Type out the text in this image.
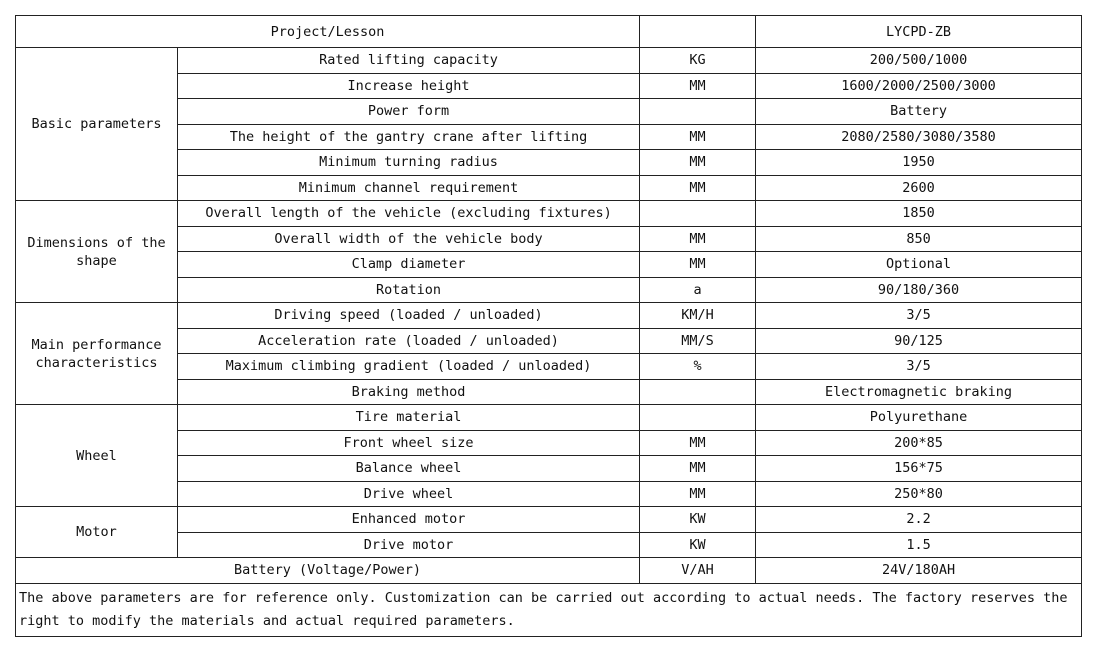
Project/Lesson			LYCPD-ZB
Basic parameters	Rated lifting capacity	KG	200/500/1000
	Increase height	MM	1600/2000/2500/3000
	Power form		Battery
	The height of the gantry crane after lifting	MM	2080/2580/3080/3580
	Minimum turning radius	MM	1950
	Minimum channel requirement	MM	2600
Dimensions of the shape	Overall length of the vehicle (excluding fixtures)		1850
	Overall width of the vehicle body	MM	850
	Clamp diameter	MM	Optional
	Rotation	a	90/180/360
Main performance characteristics	Driving speed (loaded / unloaded)	KM/H	3/5
	Acceleration rate (loaded / unloaded)	MM/S	90/125
	Maximum climbing gradient (loaded / unloaded)	%	3/5
	Braking method		Electromagnetic braking
Wheel	Tire material		Polyurethane
	Front wheel size	MM	200*85
	Balance wheel	MM	156*75
	Drive wheel	MM	250*80
Motor	Enhanced motor	KW	2.2
	Drive motor	KW	1.5
Battery (Voltage/Power)		V/AH	24V/180AH
The above parameters are for reference only. Customization can be carried out according to actual needs. The factory reserves the right to modify the materials and actual required parameters.			
